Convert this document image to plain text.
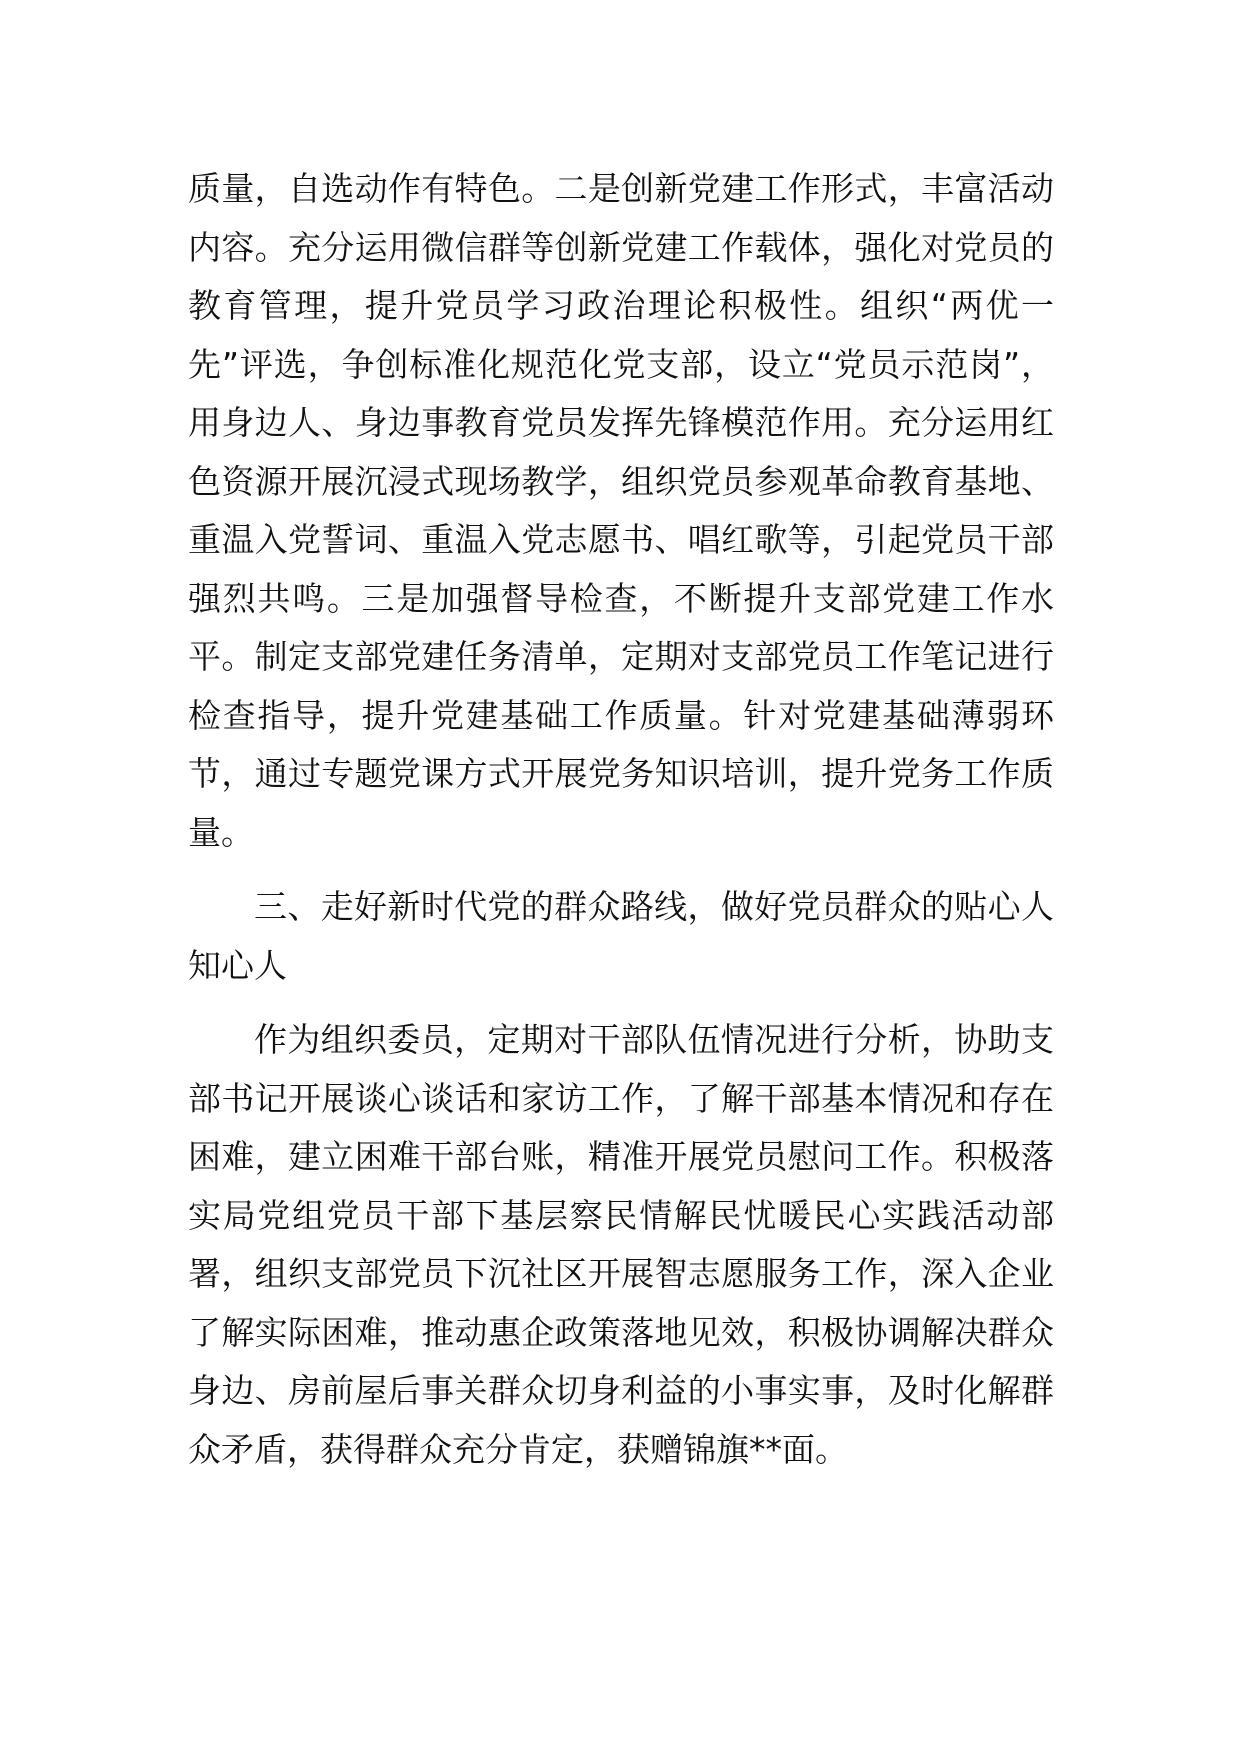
质量，自选动作有特色。二是创新党建工作形式，丰富活动内容。充分运用微信群等创新党建工作载体，强化对党员的教育管理，提升党员学习政治理论积极性。组织“两优一先”评选，争创标准化规范化党支部，设立“党员示范岗”，用身边人、身边事教育党员发挥先锋模范作用。充分运用红色资源开展沉浸式现场教学，组织党员参观革命教育基地、重温入党誓词、重温入党志愿书、唱红歌等，引起党员干部强烈共鸣。三是加强督导检查，不断提升支部党建工作水平。制定支部党建任务清单，定期对支部党员工作笔记进行检查指导，提升党建基础工作质量。针对党建基础薄弱环节，通过专题党课方式开展党务知识培训，提升党务工作质量。

三、走好新时代党的群众路线，做好党员群众的贴心人知心人

作为组织委员，定期对干部队伍情况进行分析，协助支部书记开展谈心谈话和家访工作，了解干部基本情况和存在困难，建立困难干部台账，精准开展党员慰问工作。积极落实局党组党员干部下基层察民情解民忧暖民心实践活动部署，组织支部党员下沉社区开展智志愿服务工作，深入企业了解实际困难，推动惠企政策落地见效，积极协调解决群众身边、房前屋后事关群众切身利益的小事实事，及时化解群众矛盾，获得群众充分肯定，获赠锦旗**面。
